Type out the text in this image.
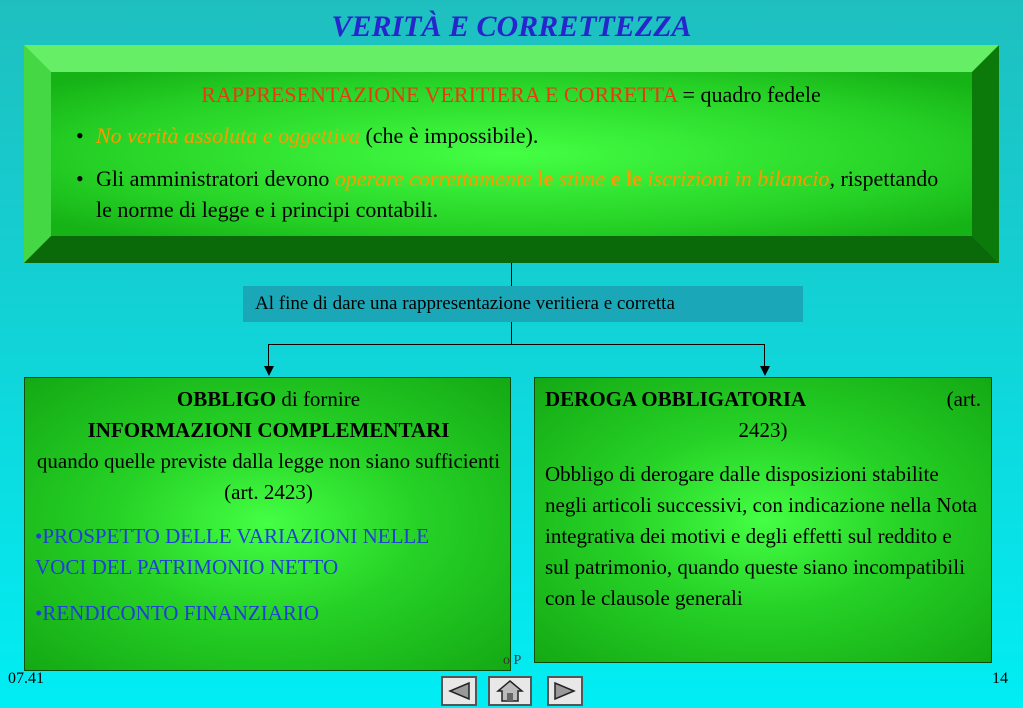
VERITÀ E CORRETTEZZA
RAPPRESENTAZIONE VERITIERA E CORRETTA = quadro fedele
• No verità assoluta e oggettiva (che è impossibile).
• Gli amministratori devono operare correttamente le stime e le iscrizioni in bilancio, rispettando le norme di legge e i principi contabili.
Al fine di dare una rappresentazione veritiera e corretta
OBBLIGO di fornire
INFORMAZIONI COMPLEMENTARI
quando quelle previste dalla legge non siano sufficienti (art. 2423)
•PROSPETTO DELLE VARIAZIONI NELLE VOCI DEL PATRIMONIO NETTO
•RENDICONTO FINANZIARIO
DEROGA OBBLIGATORIA	(art.
2423)
Obbligo di derogare dalle disposizioni stabilite negli articoli successivi, con indicazione nella Nota integrativa dei motivi e degli effetti sul reddito e sul patrimonio, quando queste siano incompatibili con le clausole generali
o P
07.41	14
